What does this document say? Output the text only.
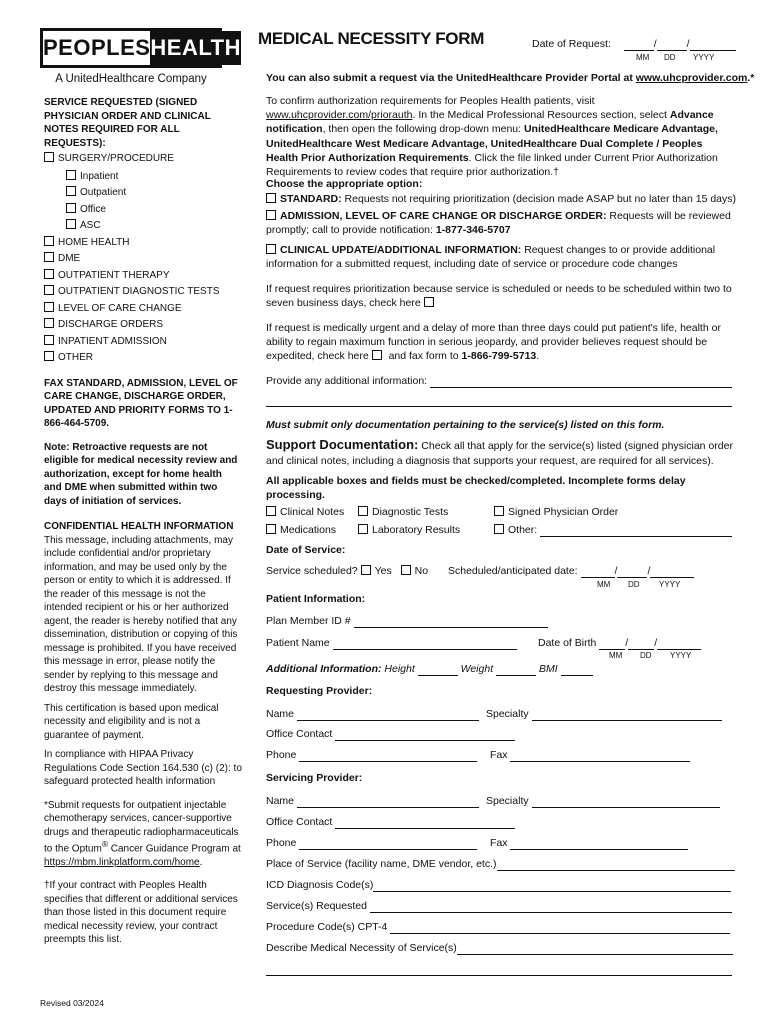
PEOPLES HEALTH
A UnitedHealthcare Company
MEDICAL NECESSITY FORM	Date of Request:	/	/
MM DD YYYY
You can also submit a request via the UnitedHealthcare Provider Portal at www.uhcprovider.com.*

SERVICE REQUESTED (SIGNED PHYSICIAN ORDER AND CLINICAL NOTES REQUIRED FOR ALL REQUESTS):

SURGERY/PROCEDURE
Inpatient
Outpatient
Office
ASC
HOME HEALTH
DME
OUTPATIENT THERAPY
OUTPATIENT DIAGNOSTIC TESTS
LEVEL OF CARE CHANGE
DISCHARGE ORDERS
INPATIENT ADMISSION
OTHER

FAX STANDARD, ADMISSION, LEVEL OF CARE CHANGE, DISCHARGE ORDER, UPDATED AND PRIORITY FORMS TO 1-866-464-5709.

Note: Retroactive requests are not eligible for medical necessity review and authorization, except for home health and DME when submitted within two days of initiation of services.

CONFIDENTIAL HEALTH INFORMATION

This message, including attachments, may include confidential and/or proprietary information, and may be used only by the person or entity to which it is addressed. If the reader of this message is not the intended recipient or his or her authorized agent, the reader is hereby notified that any dissemination, distribution or copying of this message is prohibited. If you have received this message in error, please notify the sender by replying to this message and destroy this message immediately.

This certification is based upon medical necessity and eligibility and is not a guarantee of payment.

In compliance with HIPAA Privacy Regulations Code Section 164.530 (c) (2): to safeguard protected health information

*Submit requests for outpatient injectable chemotherapy services, cancer-supportive drugs and therapeutic radiopharmaceuticals to the Optum® Cancer Guidance Program at https://mbm.linkplatform.com/home.

†If your contract with Peoples Health specifies that different or additional services than those listed in this document require medical necessity review, your contract preempts this list.

To confirm authorization requirements for Peoples Health patients, visit www.uhcprovider.com/priorauth. In the Medical Professional Resources section, select Advance notification, then open the following drop-down menu: UnitedHealthcare Medicare Advantage, UnitedHealthcare West Medicare Advantage, UnitedHealthcare Dual Complete / Peoples Health Prior Authorization Requirements. Click the file linked under Current Prior Authorization Requirements to review codes that require prior authorization.†
Choose the appropriate option:
STANDARD: Requests not requiring prioritization (decision made ASAP but no later than 15 days)
ADMISSION, LEVEL OF CARE CHANGE OR DISCHARGE ORDER: Requests will be reviewed promptly; call to provide notification: 1-877-346-5707
CLINICAL UPDATE/ADDITIONAL INFORMATION: Request changes to or provide additional information for a submitted request, including date of service or procedure code changes
If request requires prioritization because service is scheduled or needs to be scheduled within two to seven business days, check here
If request is medically urgent and a delay of more than three days could put patient's life, health or ability to regain maximum function in serious jeopardy, and provider believes request should be expedited, check here  and fax form to 1-866-799-5713.
Provide any additional information:
Must submit only documentation pertaining to the service(s) listed on this form.
Support Documentation: Check all that apply for the service(s) listed (signed physician order and clinical notes, including a diagnosis that supports your request, are required for all services).
All applicable boxes and fields must be checked/completed. Incomplete forms delay processing.
Clinical Notes	Diagnostic Tests	Signed Physician Order
Medications	Laboratory Results	Other:
Date of Service:
Service scheduled? Yes No Scheduled/anticipated date:	/	/
MM DD YYYY
Patient Information:
Plan Member ID #
Patient Name	Date of Birth	/ /
MM DD YYYY
Additional Information: Height	Weight	BMI
Requesting Provider:
Name	Specialty
Office Contact
Phone	Fax
Servicing Provider:
Name	Specialty
Office Contact
Phone	Fax
Place of Service (facility name, DME vendor, etc.)
ICD Diagnosis Code(s)
Service(s) Requested
Procedure Code(s) CPT-4
Describe Medical Necessity of Service(s)
Revised 03/2024
